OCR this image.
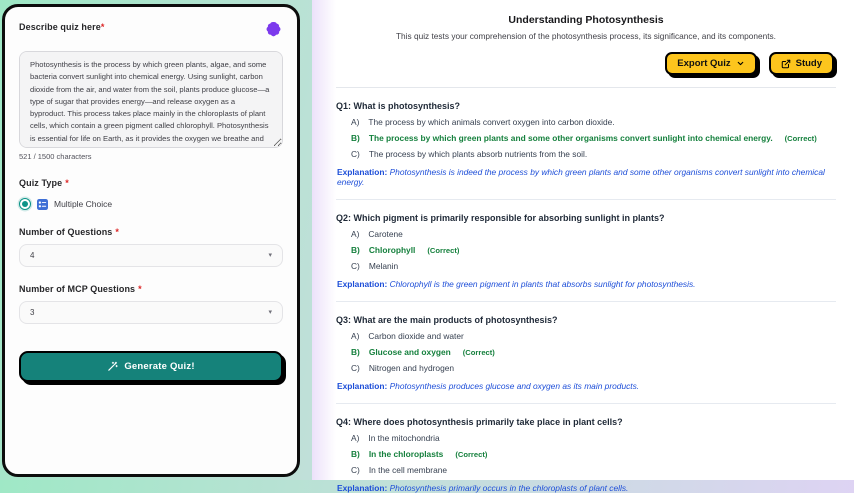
Describe quiz here*
Photosynthesis is the process by which green plants, algae, and some bacteria convert sunlight into chemical energy. Using sunlight, carbon dioxide from the air, and water from the soil, plants produce glucose—a type of sugar that provides energy—and release oxygen as a byproduct. This process takes place mainly in the chloroplasts of plant cells, which contain a green pigment called chlorophyll. Photosynthesis is essential for life on Earth, as it provides the oxygen we breathe and forms the base of the food chain.
521 / 1500 characters
Quiz Type *
Multiple Choice
Number of Questions *
4	▾
Number of MCP Questions *
3	▾
Generate Quiz!
Understanding Photosynthesis
This quiz tests your comprehension of the photosynthesis process, its significance, and its components.
Export Quiz	Study
Q1: What is photosynthesis?
A) The process by which animals convert oxygen into carbon dioxide.
B) The process by which green plants and some other organisms convert sunlight into chemical energy. (Correct)
C) The process by which plants absorb nutrients from the soil.
Explanation: Photosynthesis is indeed the process by which green plants and some other organisms convert sunlight into chemical energy.
Q2: Which pigment is primarily responsible for absorbing sunlight in plants?
A) Carotene
B) Chlorophyll (Correct)
C) Melanin
Explanation: Chlorophyll is the green pigment in plants that absorbs sunlight for photosynthesis.
Q3: What are the main products of photosynthesis?
A) Carbon dioxide and water
B) Glucose and oxygen (Correct)
C) Nitrogen and hydrogen
Explanation: Photosynthesis produces glucose and oxygen as its main products.
Q4: Where does photosynthesis primarily take place in plant cells?
A) In the mitochondria
B) In the chloroplasts (Correct)
C) In the cell membrane
Explanation: Photosynthesis primarily occurs in the chloroplasts of plant cells.
